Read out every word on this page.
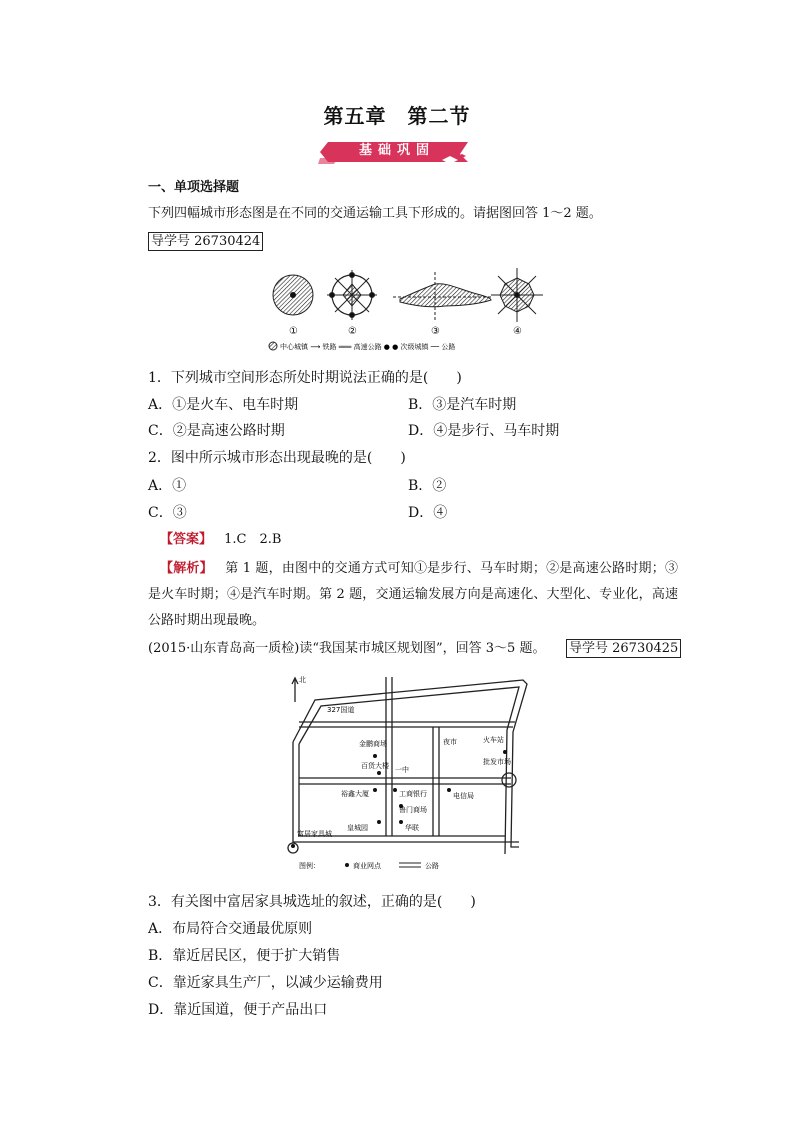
第五章　第二节
基础巩固
一、单项选择题
下列四幅城市形态图是在不同的交通运输工具下形成的。请据图回答 1～2 题。
导学号 26730424
①	②	③	④
中心城镇 ⟶ 铁路 ═══ 高速公路 ● ● 次级城镇 ── 公路
1．下列城市空间形态所处时期说法正确的是(　　)
A．①是火车、电车时期	B．③是汽车时期
C．②是高速公路时期	D．④是步行、马车时期
2．图中所示城市形态出现最晚的是(　　)
A．①	B．②
C．③	D．④
【答案】 1.C　2.B
【解析】 第 1 题，由图中的交通方式可知①是步行、马车时期；②是高速公路时期；③是火车时期；④是汽车时期。第 2 题，交通运输发展方向是高速化、大型化、专业化，高速公路时期出现最晚。
(2015·山东青岛高一质检)读“我国某市城区规划图”，回答 3～5 题。 导学号 26730425
北
327国道
金鹏商场
百货大楼 一中
裕鑫大厦	工商银行
鲁门商场
皇城园	华联
电信局
夜市	火车站
批发市场
富居家具城
图例：	商业网点	公路
3．有关图中富居家具城选址的叙述，正确的是(　　)
A．布局符合交通最优原则
B．靠近居民区，便于扩大销售
C．靠近家具生产厂，以减少运输费用
D．靠近国道，便于产品出口
